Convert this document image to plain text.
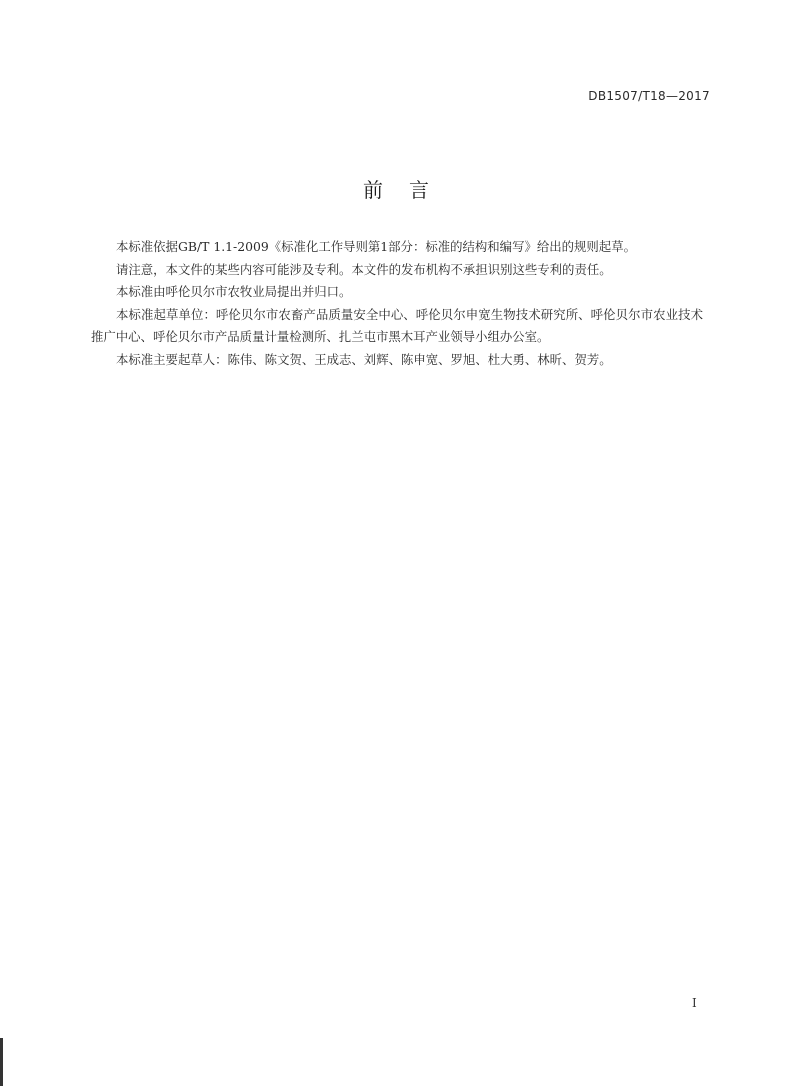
DB1507/T18—2017
前言

本标准依据GB/T 1.1-2009《标准化工作导则第1部分：标准的结构和编写》给出的规则起草。

请注意，本文件的某些内容可能涉及专利。本文件的发布机构不承担识别这些专利的责任。

本标准由呼伦贝尔市农牧业局提出并归口。

本标准起草单位：呼伦贝尔市农畜产品质量安全中心、呼伦贝尔申宽生物技术研究所、呼伦贝尔市农业技术推广中心、呼伦贝尔市产品质量计量检测所、扎兰屯市黑木耳产业领导小组办公室。

本标准主要起草人：陈伟、陈文贺、王成志、刘辉、陈申宽、罗旭、杜大勇、林昕、贺芳。

I
